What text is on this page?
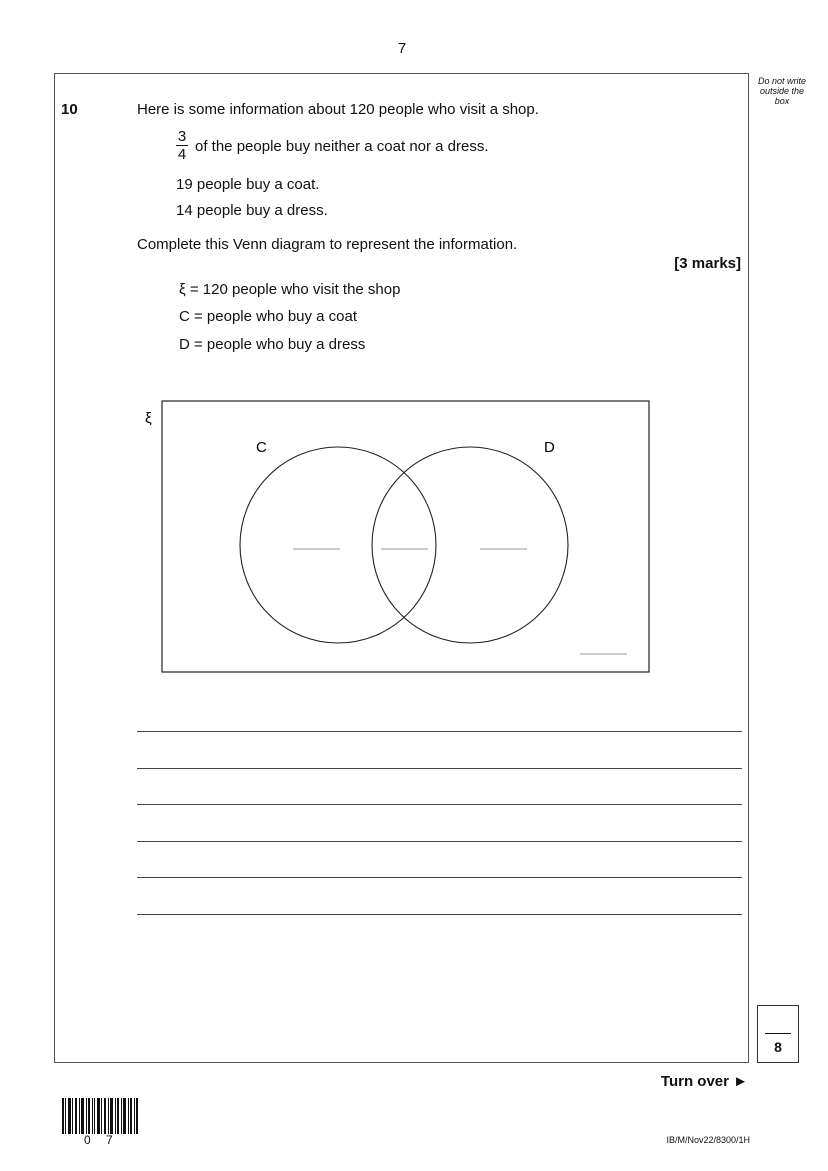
7
Do not write outside the box
10	Here is some information about 120 people who visit a shop.
3
4 of the people buy neither a coat nor a dress.
19 people buy a coat.
14 people buy a dress.
Complete this Venn diagram to represent the information.
[3 marks]
ξ = 120 people who visit the shop
C = people who buy a coat
D = people who buy a dress
ξ
C	D
8
Turn over ►
0 7	IB/M/Nov22/8300/1H
